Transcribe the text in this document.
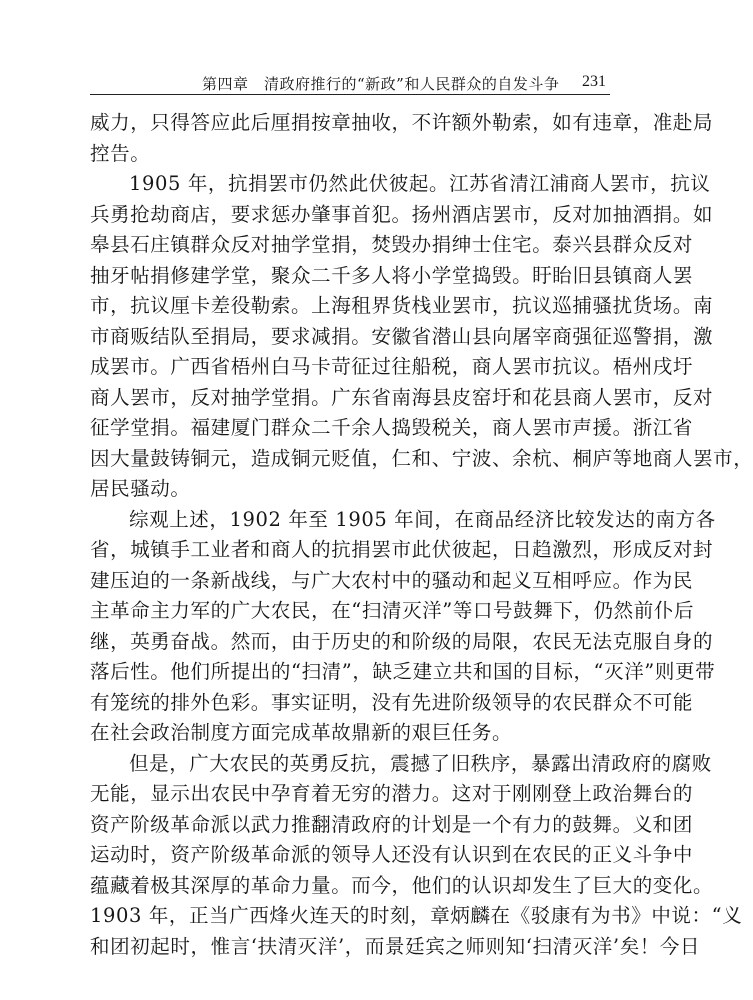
第四章　清政府推行的“新政”和人民群众的自发斗争 231

威力，只得答应此后厘捐按章抽收，不许额外勒索，如有违章，准赴局
控告。

1905 年，抗捐罢市仍然此伏彼起。江苏省清江浦商人罢市，抗议
兵勇抢劫商店，要求惩办肇事首犯。扬州酒店罢市，反对加抽酒捐。如
皋县石庄镇群众反对抽学堂捐，焚毁办捐绅士住宅。泰兴县群众反对
抽牙帖捐修建学堂，聚众二千多人将小学堂捣毁。盱眙旧县镇商人罢
市，抗议厘卡差役勒索。上海租界货栈业罢市，抗议巡捕骚扰货场。南
市商贩结队至捐局，要求减捐。安徽省潜山县向屠宰商强征巡警捐，激
成罢市。广西省梧州白马卡苛征过往船税，商人罢市抗议。梧州戌圩
商人罢市，反对抽学堂捐。广东省南海县皮窑圩和花县商人罢市，反对
征学堂捐。福建厦门群众二千余人捣毁税关，商人罢市声援。浙江省
因大量鼓铸铜元，造成铜元贬值，仁和、宁波、余杭、桐庐等地商人罢市，
居民骚动。

综观上述，1902 年至 1905 年间，在商品经济比较发达的南方各
省，城镇手工业者和商人的抗捐罢市此伏彼起，日趋激烈，形成反对封
建压迫的一条新战线，与广大农村中的骚动和起义互相呼应。作为民
主革命主力军的广大农民，在“扫清灭洋”等口号鼓舞下，仍然前仆后
继，英勇奋战。然而，由于历史的和阶级的局限，农民无法克服自身的
落后性。他们所提出的“扫清”，缺乏建立共和国的目标，“灭洋”则更带
有笼统的排外色彩。事实证明，没有先进阶级领导的农民群众不可能
在社会政治制度方面完成革故鼎新的艰巨任务。

但是，广大农民的英勇反抗，震撼了旧秩序，暴露出清政府的腐败
无能，显示出农民中孕育着无穷的潜力。这对于刚刚登上政治舞台的
资产阶级革命派以武力推翻清政府的计划是一个有力的鼓舞。义和团
运动时，资产阶级革命派的领导人还没有认识到在农民的正义斗争中
蕴藏着极其深厚的革命力量。而今，他们的认识却发生了巨大的变化。
1903 年，正当广西烽火连天的时刻，章炳麟在《驳康有为书》中说：“义
和团初起时，惟言‘扶清灭洋’，而景廷宾之师则知‘扫清灭洋’矣！今日
